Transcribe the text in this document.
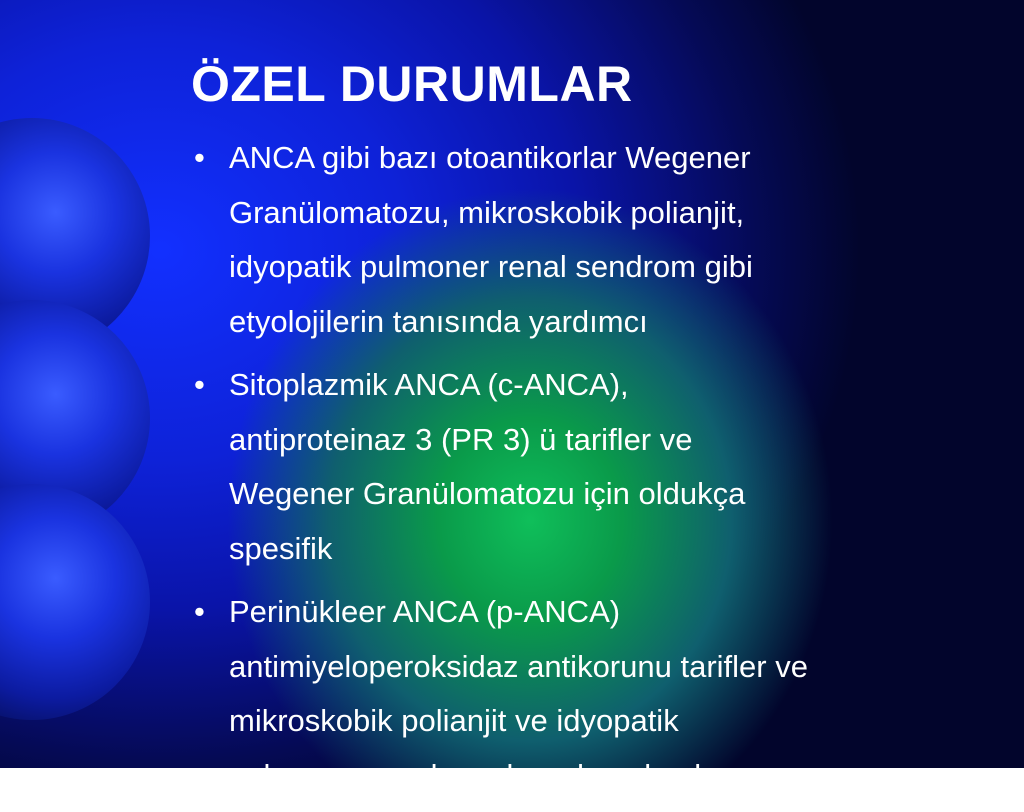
ÖZEL DURUMLAR
• ANCA gibi bazı otoantikorlar Wegener
Granülomatozu, mikroskobik polianjit,
idyopatik pulmoner renal sendrom gibi
etyolojilerin tanısında yardımcı
• Sitoplazmik ANCA (c-ANCA),
antiproteinaz 3 (PR 3) ü tarifler ve
Wegener Granülomatozu için oldukça
spesifik
• Perinükleer ANCA (p-ANCA)
antimiyeloperoksidaz antikorunu tarifler ve
mikroskobik polianjit ve idyopatik
pulmoner-renal sendromda anlamlı
